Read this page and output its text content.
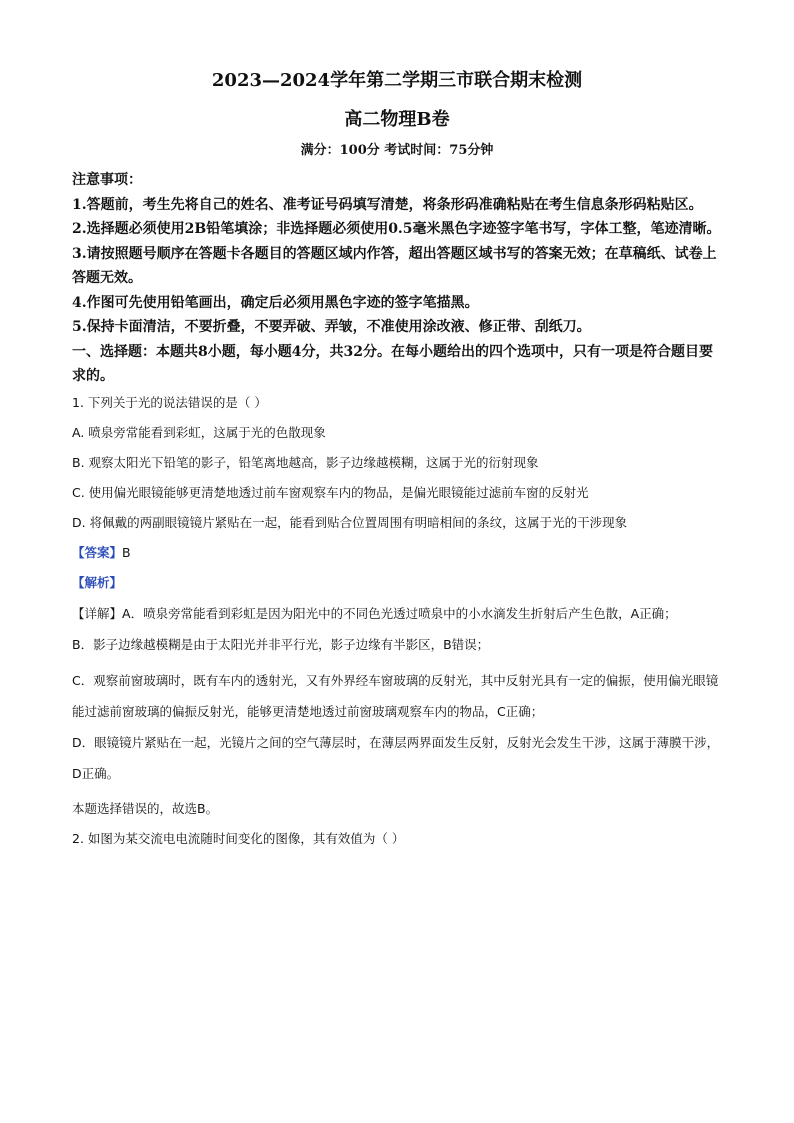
2023—2024学年第二学期三市联合期末检测

高二物理B卷

满分：100分 考试时间：75分钟

注意事项：

1.答题前，考生先将自己的姓名、准考证号码填写清楚，将条形码准确粘贴在考生信息条形码粘贴区。

2.选择题必须使用2B铅笔填涂；非选择题必须使用0.5毫米黑色字迹签字笔书写，字体工整，笔迹清晰。

3.请按照题号顺序在答题卡各题目的答题区域内作答，超出答题区域书写的答案无效；在草稿纸、试卷上答题无效。

4.作图可先使用铅笔画出，确定后必须用黑色字迹的签字笔描黑。

5.保持卡面清洁，不要折叠，不要弄破、弄皱，不准使用涂改液、修正带、刮纸刀。

一、选择题：本题共8小题，每小题4分，共32分。在每小题给出的四个选项中，只有一项是符合题目要求的。

1. 下列关于光的说法错误的是（ ）

A. 喷泉旁常能看到彩虹，这属于光的色散现象

B. 观察太阳光下铅笔的影子，铅笔离地越高，影子边缘越模糊，这属于光的衍射现象

C. 使用偏光眼镜能够更清楚地透过前车窗观察车内的物品，是偏光眼镜能过滤前车窗的反射光

D. 将佩戴的两副眼镜镜片紧贴在一起，能看到贴合位置周围有明暗相间的条纹，这属于光的干涉现象

【答案】B

【解析】

【详解】A．喷泉旁常能看到彩虹是因为阳光中的不同色光透过喷泉中的小水滴发生折射后产生色散，A正确；

B．影子边缘越模糊是由于太阳光并非平行光，影子边缘有半影区，B错误；

C．观察前窗玻璃时，既有车内的透射光，又有外界经车窗玻璃的反射光，其中反射光具有一定的偏振，使用偏光眼镜能过滤前窗玻璃的偏振反射光，能够更清楚地透过前窗玻璃观察车内的物品，C正确；

D．眼镜镜片紧贴在一起，光镜片之间的空气薄层时，在薄层两界面发生反射，反射光会发生干涉，这属于薄膜干涉，D正确。

本题选择错误的，故选B。

2. 如图为某交流电电流随时间变化的图像，其有效值为（ ）
